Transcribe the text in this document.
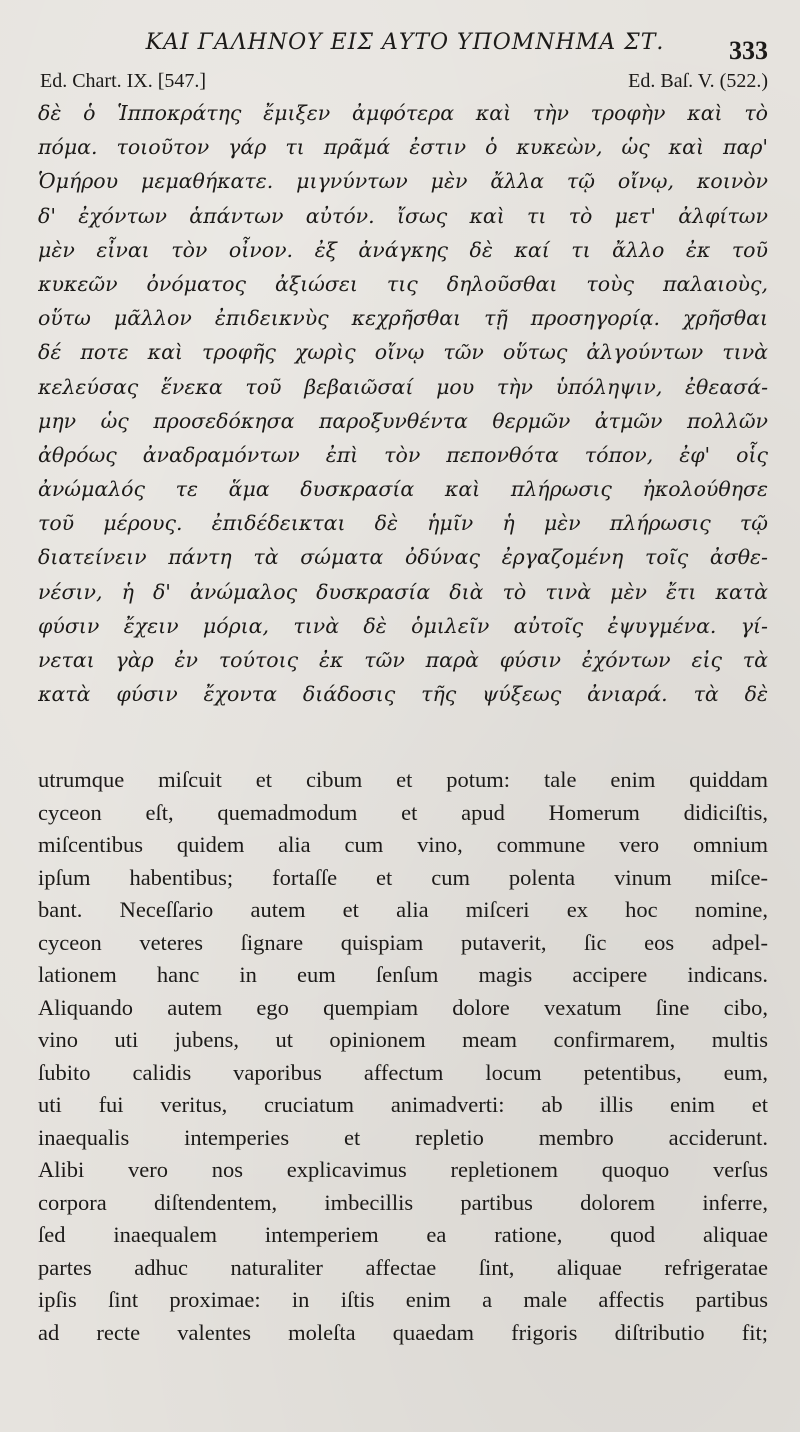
ΚΑΙ ΓΑΛΗΝΟΥ ΕΙΣ ΑΥΤΟ ΥΠΟΜΝΗΜΑ ΣΤ.	333
Ed. Chart. IX. [547.]	Ed. Baſ. V. (522.)
δὲ ὁ Ἱπποκράτης ἔμιξεν ἀμφότερα καὶ τὴν τροφὴν καὶ τὸ
πόμα. τοιοῦτον γάρ τι πρᾶμά ἐστιν ὁ κυκεὼν, ὡς καὶ παρ'
Ὁμήρου μεμαθήκατε. μιγνύντων μὲν ἄλλα τῷ οἴνῳ, κοινὸν
δ' ἐχόντων ἁπάντων αὐτόν. ἴσως καὶ τι τὸ μετ' ἀλφίτων
μὲν εἶναι τὸν οἶνον. ἐξ ἀνάγκης δὲ καί τι ἄλλο ἐκ τοῦ
κυκεῶν ὀνόματος ἀξιώσει τις δηλοῦσθαι τοὺς παλαιοὺς,
οὕτω μᾶλλον ἐπιδεικνὺς κεχρῆσθαι τῇ προσηγορίᾳ. χρῆσθαι
δέ ποτε καὶ τροφῆς χωρὶς οἴνῳ τῶν οὕτως ἀλγούντων τινὰ
κελεύσας ἕνεκα τοῦ βεβαιῶσαί μου τὴν ὑπόληψιν, ἐθεασά-
μην ὡς προσεδόκησα παροξυνθέντα θερμῶν ἀτμῶν πολλῶν
ἀθρόως ἀναδραμόντων ἐπὶ τὸν πεπονθότα τόπον, ἐφ' οἷς
ἀνώμαλός τε ἅμα δυσκρασία καὶ πλήρωσις ἠκολούθησε
τοῦ μέρους. ἐπιδέδεικται δὲ ἡμῖν ἡ μὲν πλήρωσις τῷ
διατείνειν πάντη τὰ σώματα ὀδύνας ἐργαζομένη τοῖς ἀσθε-
νέσιν, ἡ δ' ἀνώμαλος δυσκρασία διὰ τὸ τινὰ μὲν ἔτι κατὰ
φύσιν ἔχειν μόρια, τινὰ δὲ ὁμιλεῖν αὐτοῖς ἐψυγμένα. γί-
νεται γὰρ ἐν τούτοις ἐκ τῶν παρὰ φύσιν ἐχόντων εἰς τὰ
κατὰ φύσιν ἔχοντα διάδοσις τῆς ψύξεως ἀνιαρά. τὰ δὲ
utrumque miſcuit et cibum et potum: tale enim quiddam
cyceon eſt, quemadmodum et apud Homerum didiciſtis,
miſcentibus quidem alia cum vino, commune vero omnium
ipſum habentibus; fortaſſe et cum polenta vinum miſce-
bant. Neceſſario autem et alia miſceri ex hoc nomine,
cyceon veteres ſignare quispiam putaverit, ſic eos adpel-
lationem hanc in eum ſenſum magis accipere indicans.
Aliquando autem ego quempiam dolore vexatum ſine cibo,
vino uti jubens, ut opinionem meam confirmarem, multis
ſubito calidis vaporibus affectum locum petentibus, eum,
uti fui veritus, cruciatum animadverti: ab illis enim et
inaequalis intemperies et repletio membro acciderunt.
Alibi vero nos explicavimus repletionem quoquo verſus
corpora diſtendentem, imbecillis partibus dolorem inferre,
ſed inaequalem intemperiem ea ratione, quod aliquae
partes adhuc naturaliter affectae ſint, aliquae refrigeratae
ipſis ſint proximae: in iſtis enim a male affectis partibus
ad recte valentes moleſta quaedam frigoris diſtributio fit;
